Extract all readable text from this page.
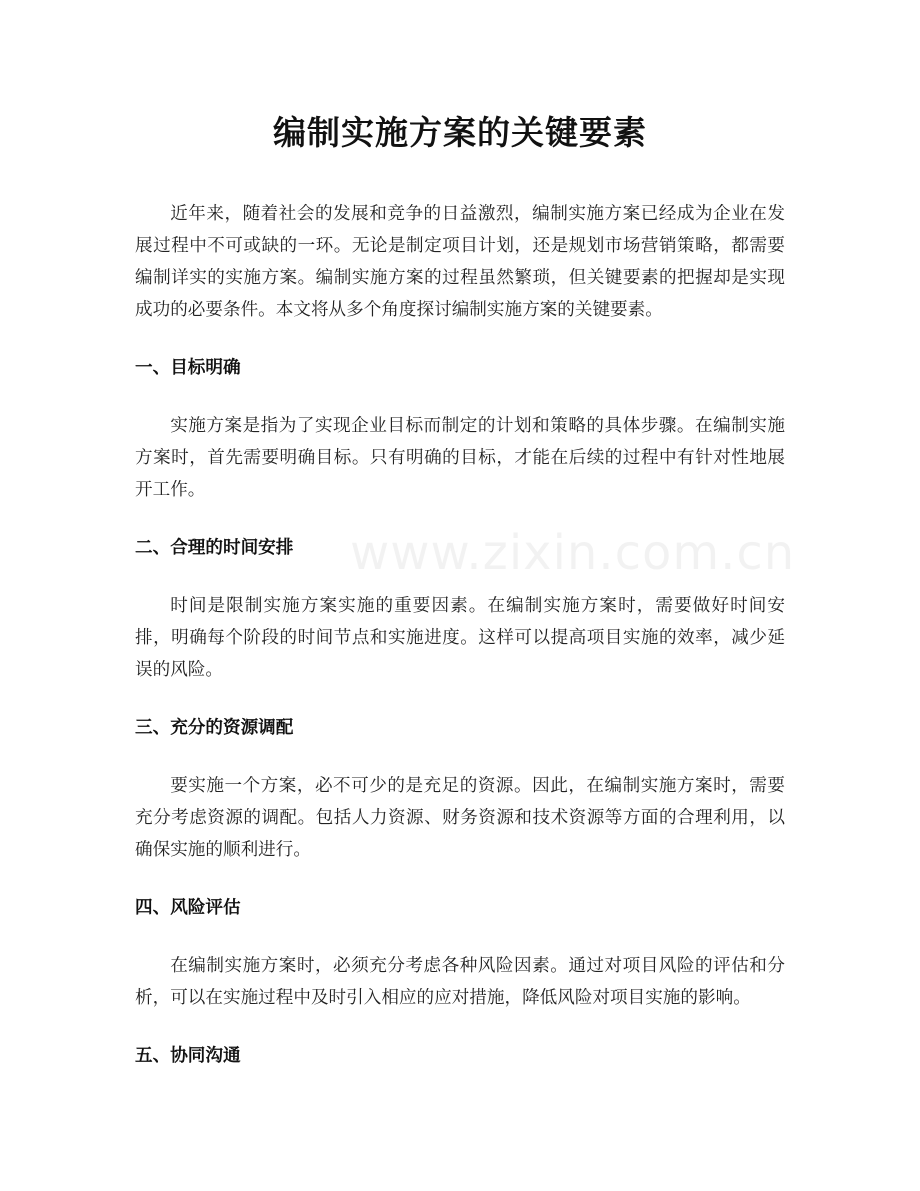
编制实施方案的关键要素

近年来，随着社会的发展和竞争的日益激烈，编制实施方案已经成为企业在发展过程中不可或缺的一环。无论是制定项目计划，还是规划市场营销策略，都需要编制详实的实施方案。编制实施方案的过程虽然繁琐，但关键要素的把握却是实现成功的必要条件。本文将从多个角度探讨编制实施方案的关键要素。

一、目标明确

实施方案是指为了实现企业目标而制定的计划和策略的具体步骤。在编制实施方案时，首先需要明确目标。只有明确的目标，才能在后续的过程中有针对性地展开工作。

二、合理的时间安排

时间是限制实施方案实施的重要因素。在编制实施方案时，需要做好时间安排，明确每个阶段的时间节点和实施进度。这样可以提高项目实施的效率，减少延误的风险。

三、充分的资源调配

要实施一个方案，必不可少的是充足的资源。因此，在编制实施方案时，需要充分考虑资源的调配。包括人力资源、财务资源和技术资源等方面的合理利用，以确保实施的顺利进行。

四、风险评估

在编制实施方案时，必须充分考虑各种风险因素。通过对项目风险的评估和分析，可以在实施过程中及时引入相应的应对措施，降低风险对项目实施的影响。

五、协同沟通
www.zixin.com.cn
